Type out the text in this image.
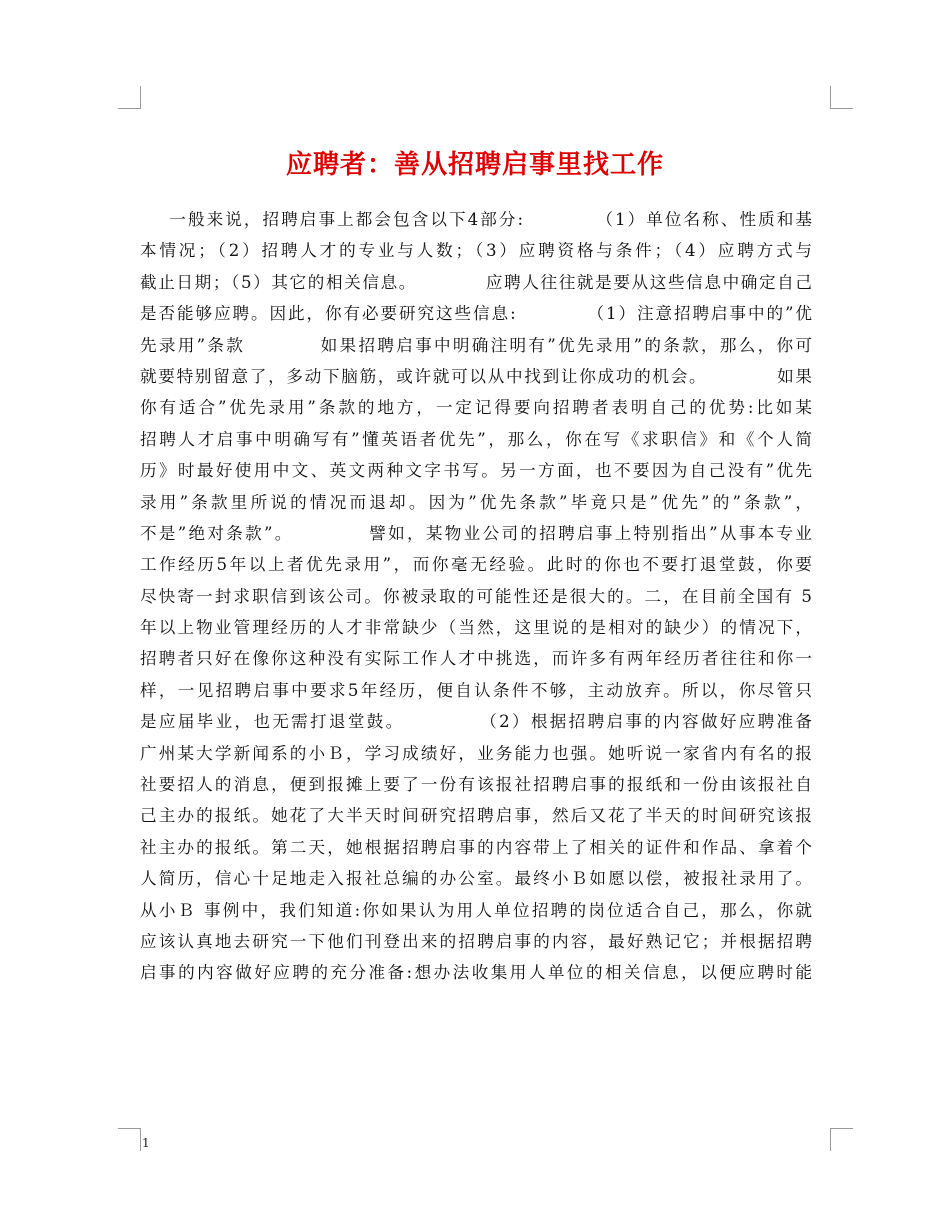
应聘者：善从招聘启事里找工作
一般来说，招聘启事上都会包含以下4部分:          （1）单位名称、性质和基
本情况；（2）招聘人才的专业与人数；（3）应聘资格与条件；（4）应聘方式与
截止日期；（5）其它的相关信息。          应聘人往往就是要从这些信息中确定自己
是否能够应聘。因此，你有必要研究这些信息:          （1）注意招聘启事中的”优
先录用”条款          如果招聘启事中明确注明有”优先录用”的条款，那么，你可
就要特别留意了，多动下脑筋，或许就可以从中找到让你成功的机会。          如果
你有适合”优先录用”条款的地方，一定记得要向招聘者表明自己的优势:比如某
招聘人才启事中明确写有”懂英语者优先”，那么，你在写《求职信》和《个人简
历》时最好使用中文、英文两种文字书写。另一方面，也不要因为自己没有”优先
录用”条款里所说的情况而退却。因为”优先条款”毕竟只是”优先”的”条款”，
不是”绝对条款”。          譬如，某物业公司的招聘启事上特别指出”从事本专业
工作经历5年以上者优先录用”，而你毫无经验。此时的你也不要打退堂鼓，你要
尽快寄一封求职信到该公司。你被录取的可能性还是很大的。二，在目前全国有 5
年以上物业管理经历的人才非常缺少（当然，这里说的是相对的缺少）的情况下，
招聘者只好在像你这种没有实际工作人才中挑选，而许多有两年经历者往往和你一
样，一见招聘启事中要求5年经历，便自认条件不够，主动放弃。所以，你尽管只
是应届毕业，也无需打退堂鼓。          （2）根据招聘启事的内容做好应聘准备
广州某大学新闻系的小Ｂ，学习成绩好，业务能力也强。她听说一家省内有名的报
社要招人的消息，便到报摊上要了一份有该报社招聘启事的报纸和一份由该报社自
己主办的报纸。她花了大半天时间研究招聘启事，然后又花了半天的时间研究该报
社主办的报纸。第二天，她根据招聘启事的内容带上了相关的证件和作品、拿着个
人简历，信心十足地走入报社总编的办公室。最终小Ｂ如愿以偿，被报社录用了。
从小Ｂ 事例中，我们知道:你如果认为用人单位招聘的岗位适合自己，那么，你就
应该认真地去研究一下他们刊登出来的招聘启事的内容，最好熟记它；并根据招聘
启事的内容做好应聘的充分准备:想办法收集用人单位的相关信息，以便应聘时能
1
